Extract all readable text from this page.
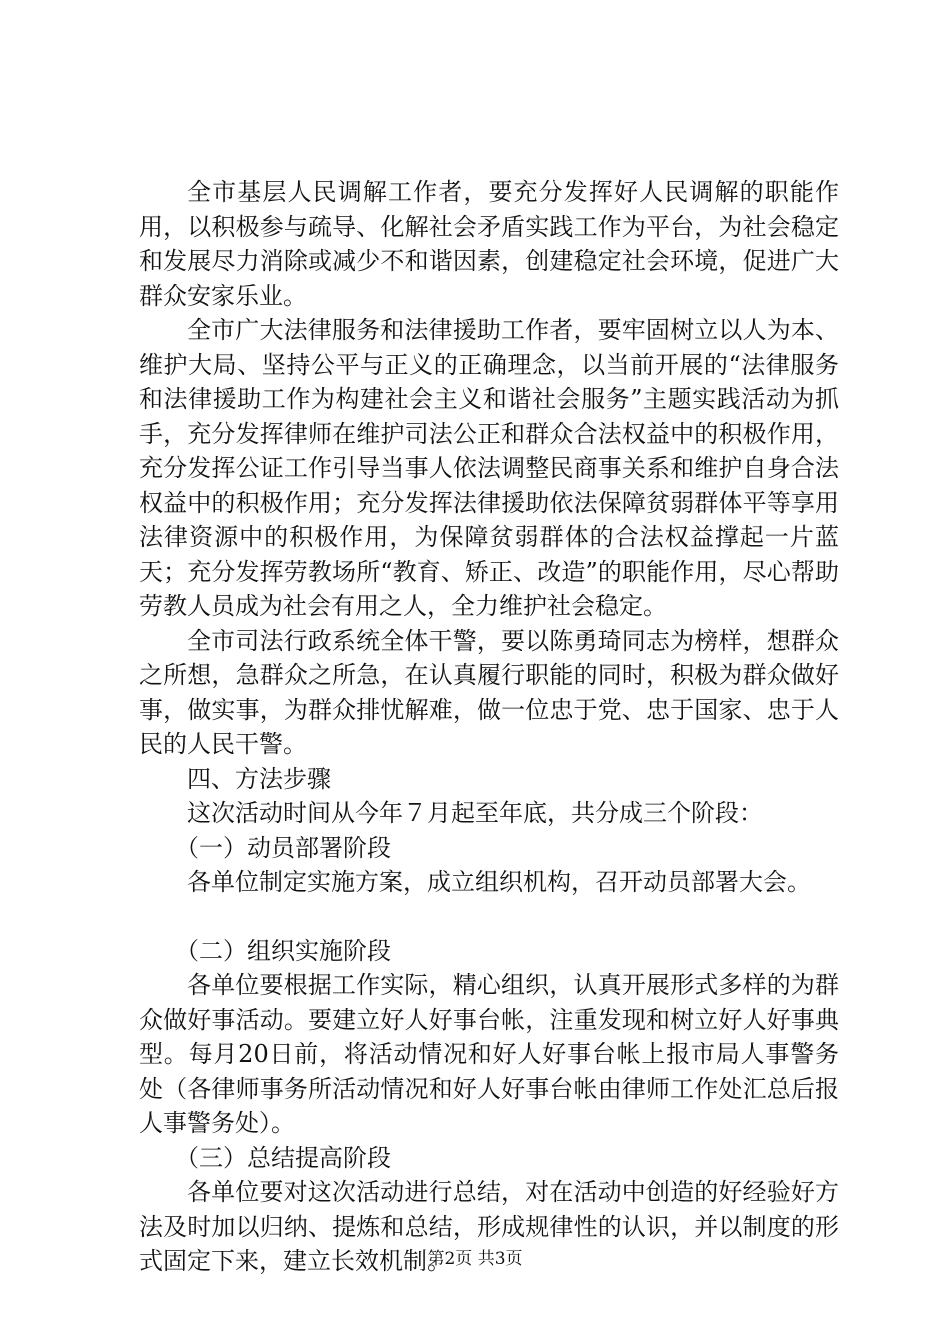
全市基层人民调解工作者，要充分发挥好人民调解的职能作用，以积极参与疏导、化解社会矛盾实践工作为平台，为社会稳定和发展尽力消除或减少不和谐因素，创建稳定社会环境，促进广大群众安家乐业。

全市广大法律服务和法律援助工作者，要牢固树立以人为本、维护大局、坚持公平与正义的正确理念，以当前开展的“法律服务和法律援助工作为构建社会主义和谐社会服务”主题实践活动为抓手，充分发挥律师在维护司法公正和群众合法权益中的积极作用，充分发挥公证工作引导当事人依法调整民商事关系和维护自身合法权益中的积极作用；充分发挥法律援助依法保障贫弱群体平等享用法律资源中的积极作用，为保障贫弱群体的合法权益撑起一片蓝天；充分发挥劳教场所“教育、矫正、改造”的职能作用，尽心帮助劳教人员成为社会有用之人，全力维护社会稳定。

全市司法行政系统全体干警，要以陈勇琦同志为榜样，想群众之所想，急群众之所急，在认真履行职能的同时，积极为群众做好事，做实事，为群众排忧解难，做一位忠于党、忠于国家、忠于人民的人民干警。

四、方法步骤

这次活动时间从今年７月起至年底，共分成三个阶段：

（一）动员部署阶段

各单位制定实施方案，成立组织机构，召开动员部署大会。

（二）组织实施阶段

各单位要根据工作实际，精心组织，认真开展形式多样的为群众做好事活动。要建立好人好事台帐，注重发现和树立好人好事典型。每月20日前，将活动情况和好人好事台帐上报市局人事警务处（各律师事务所活动情况和好人好事台帐由律师工作处汇总后报人事警务处）。

（三）总结提高阶段

各单位要对这次活动进行总结，对在活动中创造的好经验好方法及时加以归纳、提炼和总结，形成规律性的认识，并以制度的形式固定下来，建立长效机制。

第2页 共3页
